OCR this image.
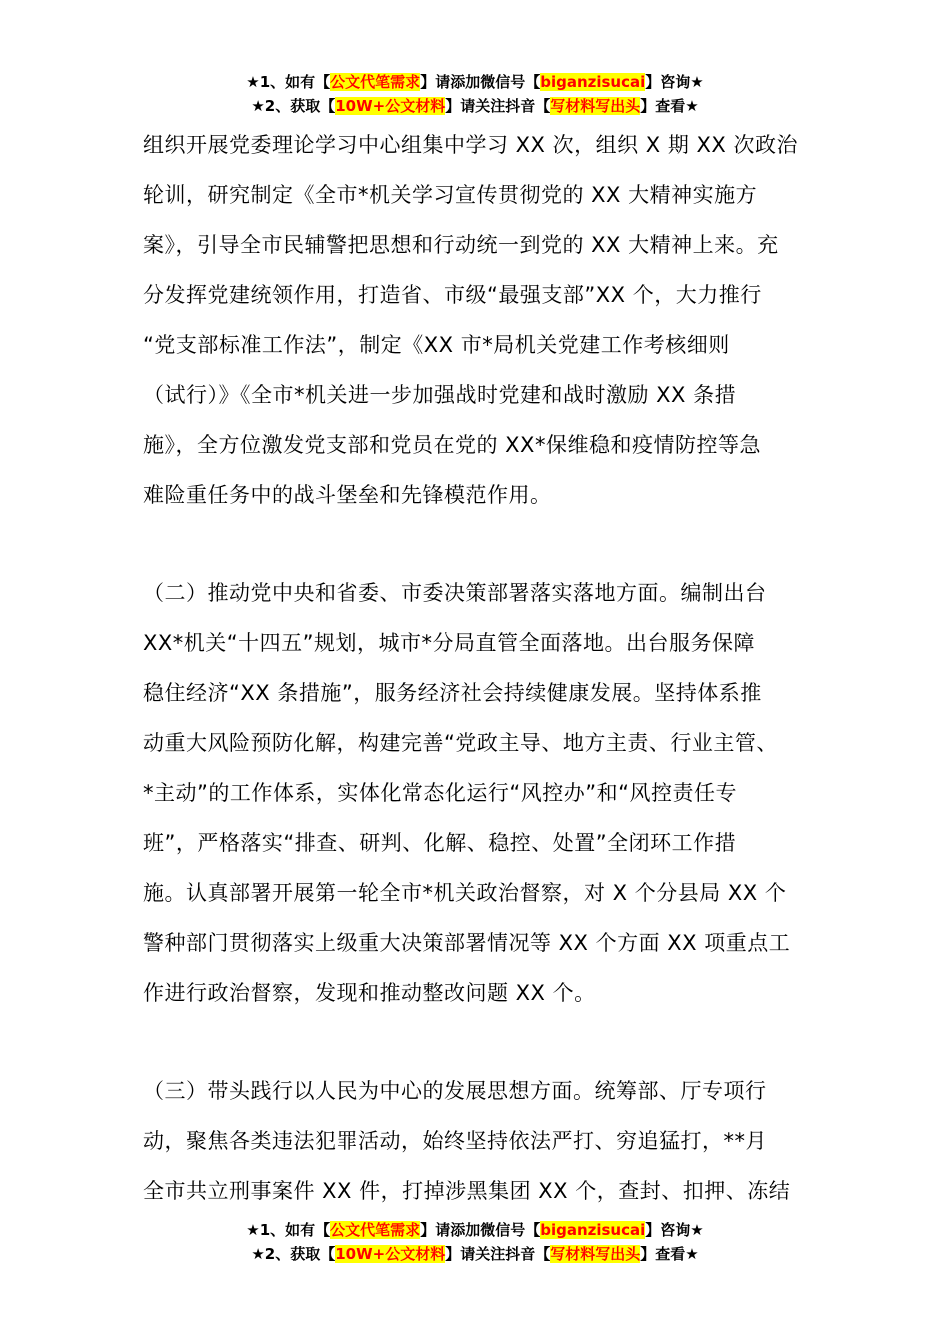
★1、如有【公文代笔需求】请添加微信号【biganzisucai】咨询★
★2、获取【10W+公文材料】请关注抖音【写材料写出头】查看★
组织开展党委理论学习中心组集中学习 XX 次，组织 X 期 XX 次政治
轮训，研究制定《全市*机关学习宣传贯彻党的 XX 大精神实施方
案》，引导全市民辅警把思想和行动统一到党的 XX 大精神上来。充
分发挥党建统领作用，打造省、市级“最强支部”XX 个，大力推行
“党支部标准工作法”，制定《XX 市*局机关党建工作考核细则
（试行）》《全市*机关进一步加强战时党建和战时激励 XX 条措
施》，全方位激发党支部和党员在党的 XX*保维稳和疫情防控等急
难险重任务中的战斗堡垒和先锋模范作用。
（二）推动党中央和省委、市委决策部署落实落地方面。编制出台
XX*机关“十四五”规划，城市*分局直管全面落地。出台服务保障
稳住经济“XX 条措施”，服务经济社会持续健康发展。坚持体系推
动重大风险预防化解，构建完善“党政主导、地方主责、行业主管、
*主动”的工作体系，实体化常态化运行“风控办”和“风控责任专
班”，严格落实“排查、研判、化解、稳控、处置”全闭环工作措
施。认真部署开展第一轮全市*机关政治督察，对 X 个分县局 XX 个
警种部门贯彻落实上级重大决策部署情况等 XX 个方面 XX 项重点工
作进行政治督察，发现和推动整改问题 XX 个。
（三）带头践行以人民为中心的发展思想方面。统筹部、厅专项行
动，聚焦各类违法犯罪活动，始终坚持依法严打、穷追猛打，**月
全市共立刑事案件 XX 件，打掉涉黑集团 XX 个，查封、扣押、冻结
★1、如有【公文代笔需求】请添加微信号【biganzisucai】咨询★
★2、获取【10W+公文材料】请关注抖音【写材料写出头】查看★
